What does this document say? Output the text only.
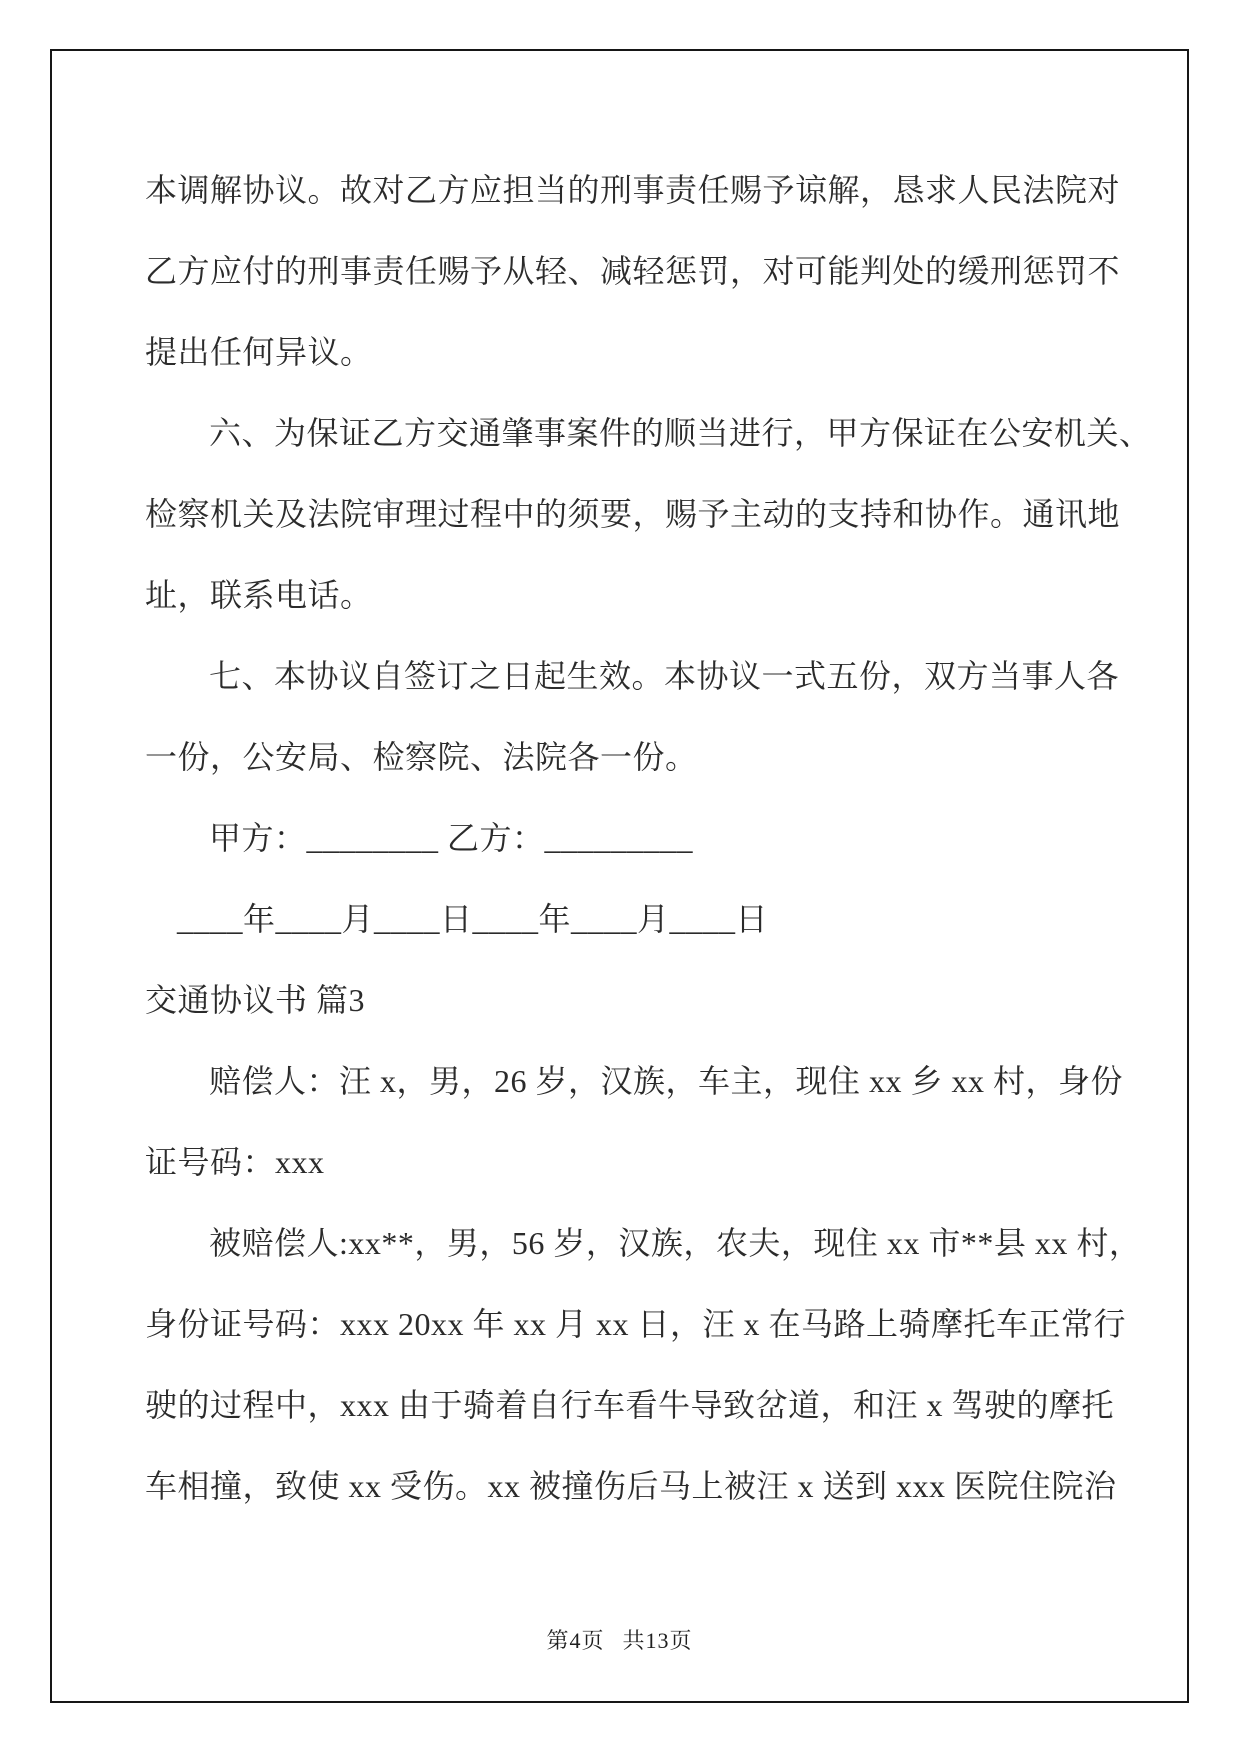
本调解协议。故对乙方应担当的刑事责任赐予谅解，恳求人民法院对
乙方应付的刑事责任赐予从轻、减轻惩罚，对可能判处的缓刑惩罚不
提出任何异议。
六、为保证乙方交通肇事案件的顺当进行，甲方保证在公安机关、
检察机关及法院审理过程中的须要，赐予主动的支持和协作。通讯地
址，联系电话。
七、本协议自签订之日起生效。本协议一式五份，双方当事人各
一份，公安局、检察院、法院各一份。
甲方：________ 乙方：_________
____年____月____日____年____月____日
交通协议书 篇3
赔偿人：汪 x，男，26 岁，汉族，车主，现住 xx 乡 xx 村，身份
证号码：xxx
被赔偿人:xx**，男，56 岁，汉族，农夫，现住 xx 市**县 xx 村，
身份证号码：xxx 20xx 年 xx 月 xx 日，汪 x 在马路上骑摩托车正常行
驶的过程中，xxx 由于骑着自行车看牛导致岔道，和汪 x 驾驶的摩托
车相撞，致使 xx 受伤。xx 被撞伤后马上被汪 x 送到 xxx 医院住院治
第4页 共13页
